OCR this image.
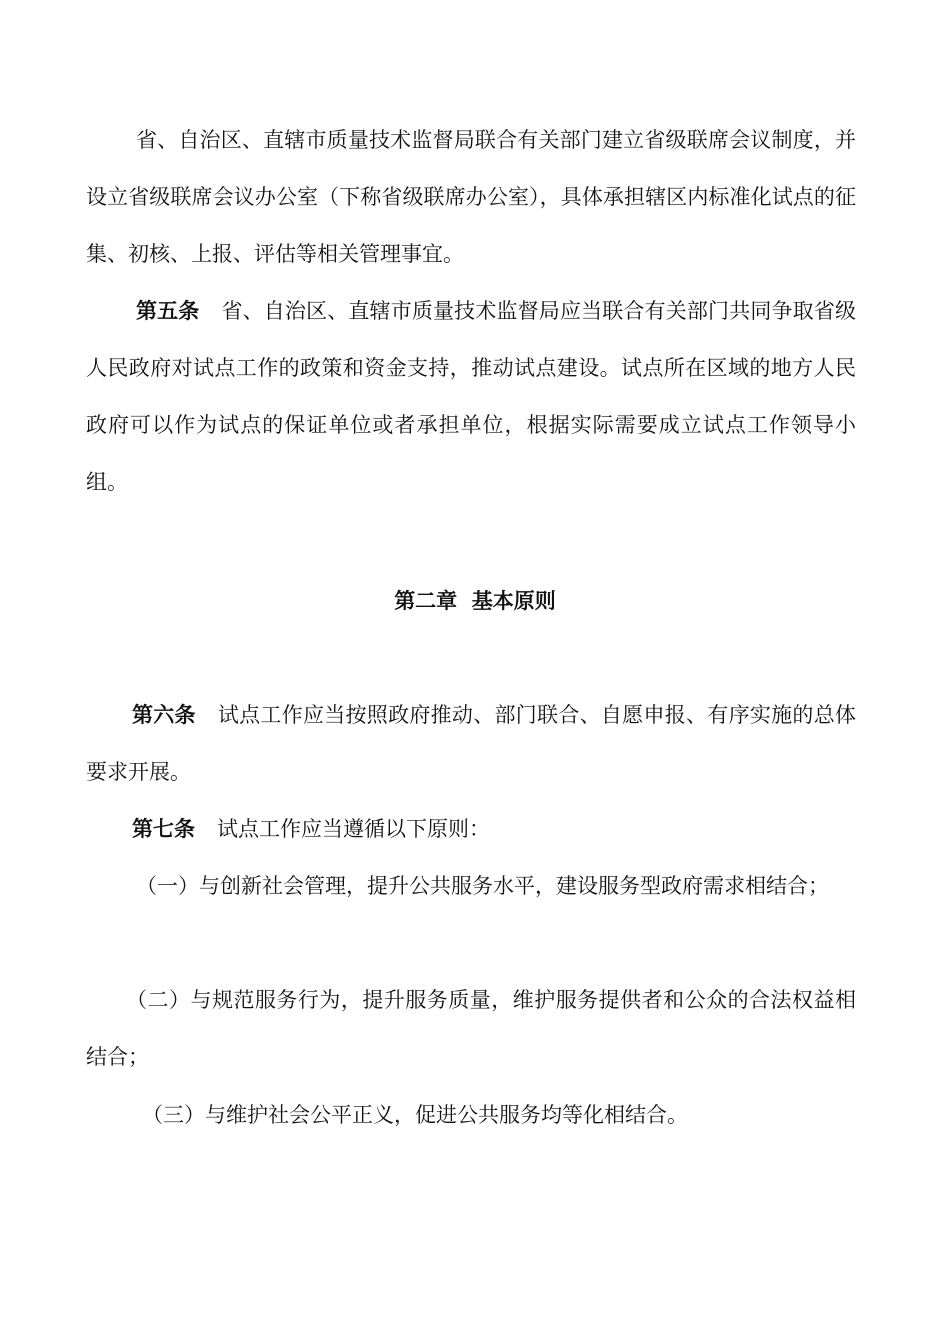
省、自治区、直辖市质量技术监督局联合有关部门建立省级联席会议制度，并设立省级联席会议办公室（下称省级联席办公室），具体承担辖区内标准化试点的征集、初核、上报、评估等相关管理事宜。

第五条 省、自治区、直辖市质量技术监督局应当联合有关部门共同争取省级人民政府对试点工作的政策和资金支持，推动试点建设。试点所在区域的地方人民政府可以作为试点的保证单位或者承担单位，根据实际需要成立试点工作领导小组。

第二章  基本原则

第六条 试点工作应当按照政府推动、部门联合、自愿申报、有序实施的总体要求开展。

第七条 试点工作应当遵循以下原则：

（一）与创新社会管理，提升公共服务水平，建设服务型政府需求相结合；

（二）与规范服务行为，提升服务质量，维护服务提供者和公众的合法权益相结合；

（三）与维护社会公平正义，促进公共服务均等化相结合。
